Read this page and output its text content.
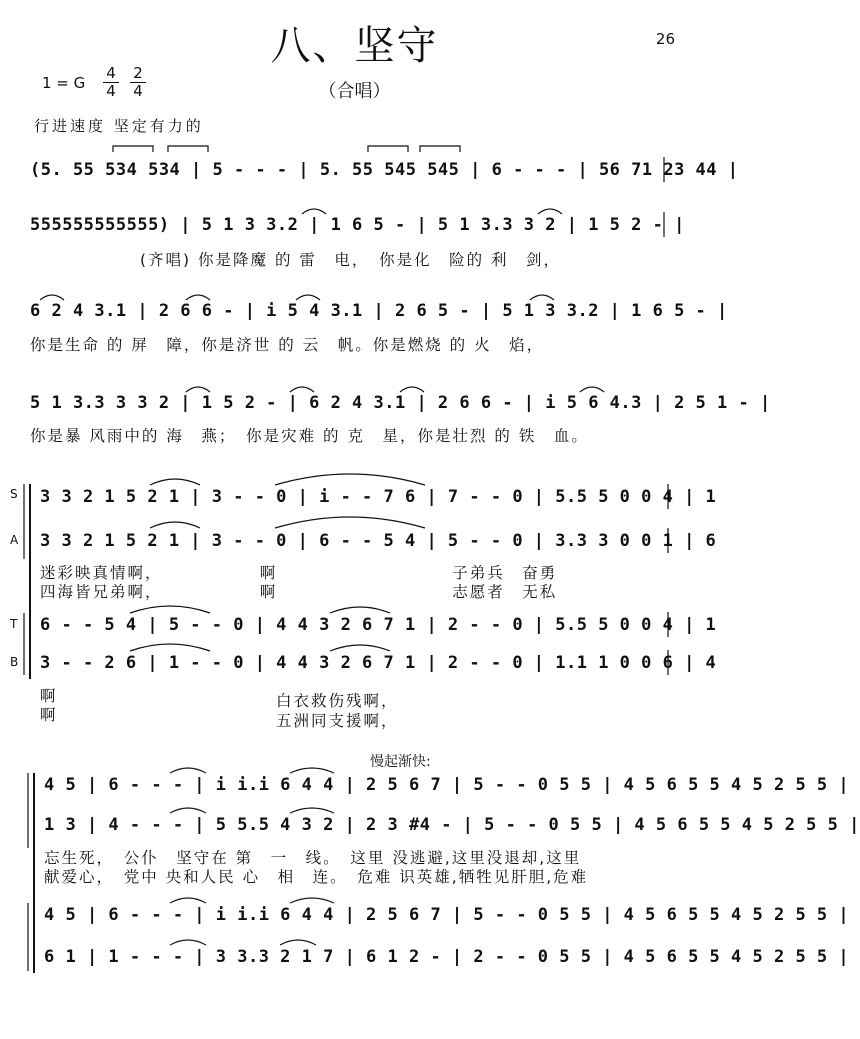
八、坚守
（合唱）
26
1 = G
4
4
2
4
行进速度 坚定有力的
(5. 55 534 534 | 5 - - - | 5. 55 545 545 | 6 - - - | 56 71 23 44 |
555555555555) | 5 1 3 3.2 | 1 6 5 - | 5 1 3.3 3 2 | 1 5 2 - |
(齐唱) 你是降魔 的 雷　电，　你是化　险的 利　剑，
6 2 4 3.1 | 2 6 6 - | i 5 4 3.1 | 2 6 5 - | 5 1 3 3.2 | 1 6 5 - |
你是生命 的 屏　障，你是济世 的 云　帆。你是燃烧 的 火　焰，
5 1 3.3 3 3 2 | 1 5 2 - | 6 2 4 3.1 | 2 6 6 - | i 5 6 4.3 | 2 5 1 - |
你是暴 风雨中的 海　燕；　你是灾难 的 克　星，你是壮烈 的 铁　血。
S
A
T
B
3 3 2 1 5 2 1 | 3 - - 0 | i - - 7 6 | 7 - - 0 | 5.5 5 0 0 4 | 1
3 3 2 1 5 2 1 | 3 - - 0 | 6 - - 5 4 | 5 - - 0 | 3.3 3 0 0 1 | 6
迷彩映真情啊，　　　　　　啊　　　　　　　　　　子弟兵　奋勇
四海皆兄弟啊，　　　　　　啊　　　　　　　　　　志愿者　无私
6 - - 5 4 | 5 - - 0 | 4 4 3 2 6 7 1 | 2 - - 0 | 5.5 5 0 0 4 | 1
3 - - 2 6 | 1 - - 0 | 4 4 3 2 6 7 1 | 2 - - 0 | 1.1 1 0 0 6 | 4
啊
啊
白衣救伤残啊，
五洲同支援啊，
慢起渐快:
4 5 | 6 - - - | i i.i 6 4 4 | 2 5 6 7 | 5 - - 0 5 5 | 4 5 6 5 5 4 5 2 5 5 |
1 3 | 4 - - - | 5 5.5 4 3 2 | 2 3 #4 - | 5 - - 0 5 5 | 4 5 6 5 5 4 5 2 5 5 |
忘生死，　公仆　坚守在 第　一　线。　这里 没逃避,这里没退却,这里
献爱心，　党中 央和人民 心　相　连。　危难 识英雄,牺牲见肝胆,危难
4 5 | 6 - - - | i i.i 6 4 4 | 2 5 6 7 | 5 - - 0 5 5 | 4 5 6 5 5 4 5 2 5 5 |
6 1 | 1 - - - | 3 3.3 2 1 7 | 6 1 2 - | 2 - - 0 5 5 | 4 5 6 5 5 4 5 2 5 5 |
